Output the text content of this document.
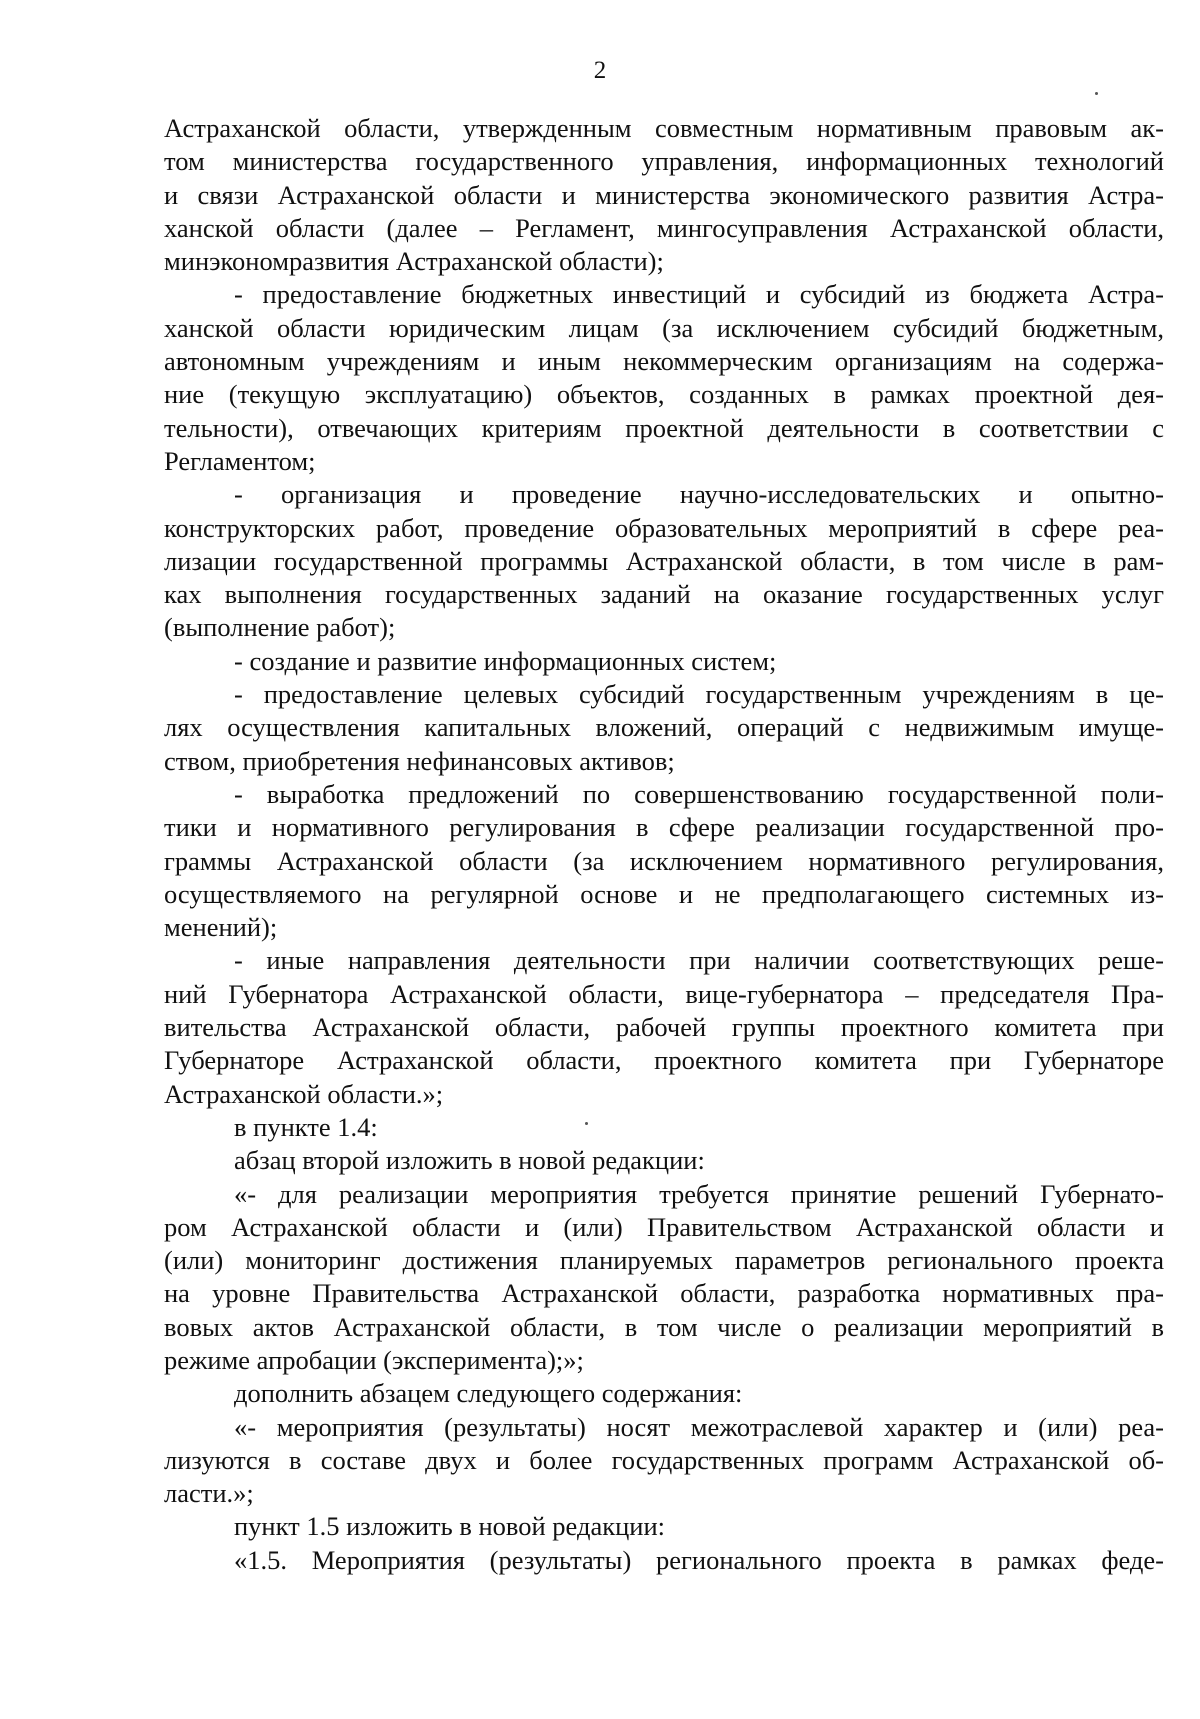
2
Астраханской области, утвержденным совместным нормативным правовым ак-
том министерства государственного управления, информационных технологий
и связи Астраханской области и министерства экономического развития Астра-
ханской области (далее – Регламент, мингосуправления Астраханской области,
минэкономразвития Астраханской области);
- предоставление бюджетных инвестиций и субсидий из бюджета Астра-
ханской области юридическим лицам (за исключением субсидий бюджетным,
автономным учреждениям и иным некоммерческим организациям на содержа-
ние (текущую эксплуатацию) объектов, созданных в рамках проектной дея-
тельности), отвечающих критериям проектной деятельности в соответствии с
Регламентом;
- организация и проведение научно-исследовательских и опытно-
конструкторских работ, проведение образовательных мероприятий в сфере реа-
лизации государственной программы Астраханской области, в том числе в рам-
ках выполнения государственных заданий на оказание государственных услуг
(выполнение работ);
- создание и развитие информационных систем;
- предоставление целевых субсидий государственным учреждениям в це-
лях осуществления капитальных вложений, операций с недвижимым имуще-
ством, приобретения нефинансовых активов;
- выработка предложений по совершенствованию государственной поли-
тики и нормативного регулирования в сфере реализации государственной про-
граммы Астраханской области (за исключением нормативного регулирования,
осуществляемого на регулярной основе и не предполагающего системных из-
менений);
- иные направления деятельности при наличии соответствующих реше-
ний Губернатора Астраханской области, вице-губернатора – председателя Пра-
вительства Астраханской области, рабочей группы проектного комитета при
Губернаторе Астраханской области, проектного комитета при Губернаторе
Астраханской области.»;
в пункте 1.4:
абзац второй изложить в новой редакции:
«- для реализации мероприятия требуется принятие решений Губернато-
ром Астраханской области и (или) Правительством Астраханской области и
(или) мониторинг достижения планируемых параметров регионального проекта
на уровне Правительства Астраханской области, разработка нормативных пра-
вовых актов Астраханской области, в том числе о реализации мероприятий в
режиме апробации (эксперимента);»;
дополнить абзацем следующего содержания:
«- мероприятия (результаты) носят межотраслевой характер и (или) реа-
лизуются в составе двух и более государственных программ Астраханской об-
ласти.»;
пункт 1.5 изложить в новой редакции:
«1.5. Мероприятия (результаты) регионального проекта в рамках феде-
